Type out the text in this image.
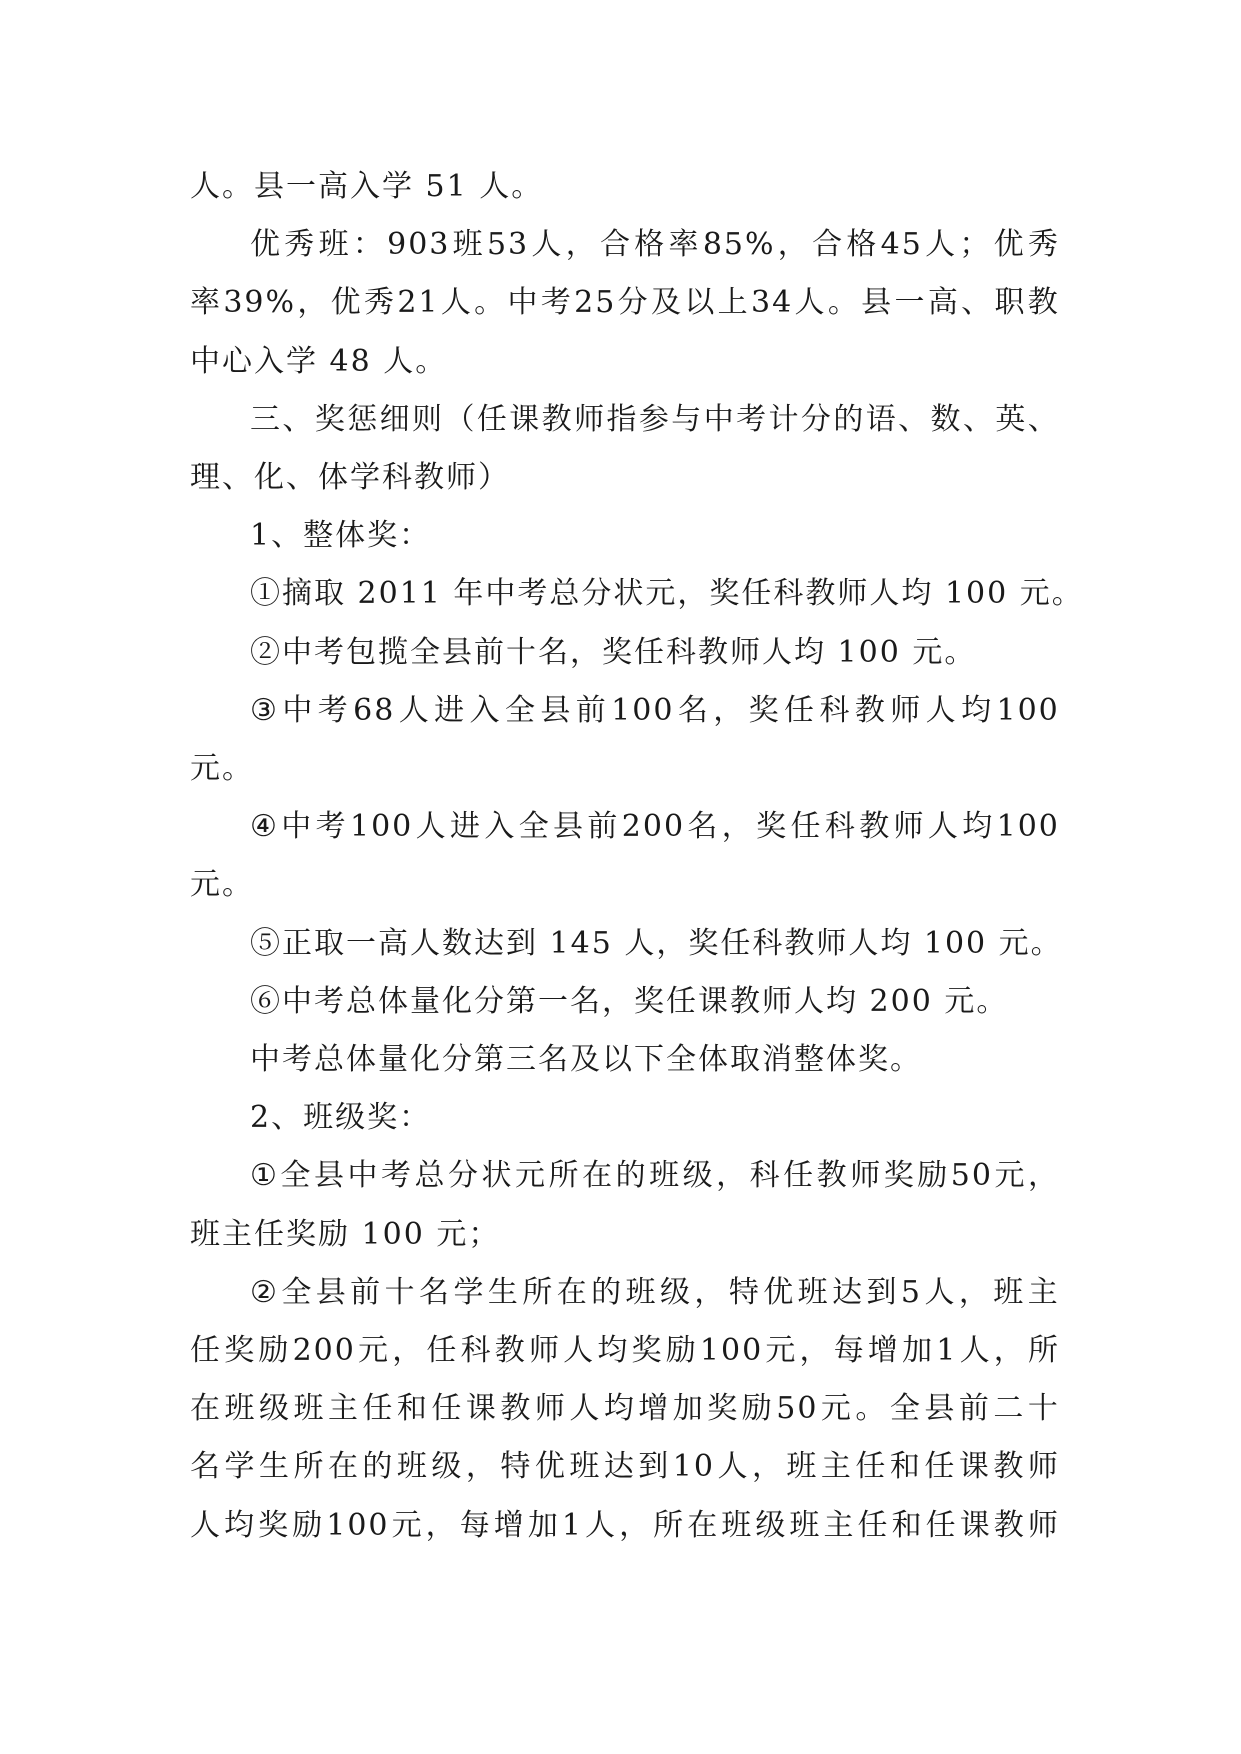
人。县一高入学 51 人。
优 秀 班 ： 903 班 53 人 ， 合 格 率 85% ， 合 格 45 人 ； 优 秀
率 39% ， 优 秀 21 人 。 中 考 25 分 及 以 上 34 人 。 县 一 高 、 职 教
中心入学 48 人。
三 、 奖 惩 细 则 （ 任 课 教 师 指 参 与 中 考 计 分 的 语 、 数 、 英 、
理、化、体学科教师）
1、整体奖：
①摘取 2011 年中考总分状元，奖任科教师人均 100 元。
②中考包揽全县前十名，奖任科教师人均 100 元。
③ 中 考 68 人 进 入 全 县 前 100 名 ， 奖 任 科 教 师 人 均 100
元。
④ 中 考 100 人 进 入 全 县 前 200 名 ， 奖 任 科 教 师 人 均 100
元。
⑤正取一高人数达到 145 人，奖任科教师人均 100 元。
⑥中考总体量化分第一名，奖任课教师人均 200 元。
中考总体量化分第三名及以下全体取消整体奖。
2、班级奖：
① 全 县 中 考 总 分 状 元 所 在 的 班 级 ， 科 任 教 师 奖 励 50 元 ，
班主任奖励 100 元；
② 全 县 前 十 名 学 生 所 在 的 班 级 ， 特 优 班 达 到 5 人 ， 班 主
任 奖 励 200 元 ， 任 科 教 师 人 均 奖 励 100 元 ， 每 增 加 1 人 ， 所
在 班 级 班 主 任 和 任 课 教 师 人 均 增 加 奖 励 50 元 。 全 县 前 二 十
名 学 生 所 在 的 班 级 ， 特 优 班 达 到 10 人 ， 班 主 任 和 任 课 教 师
人 均 奖 励 100 元 ， 每 增 加 1 人 ， 所 在 班 级 班 主 任 和 任 课 教 师
